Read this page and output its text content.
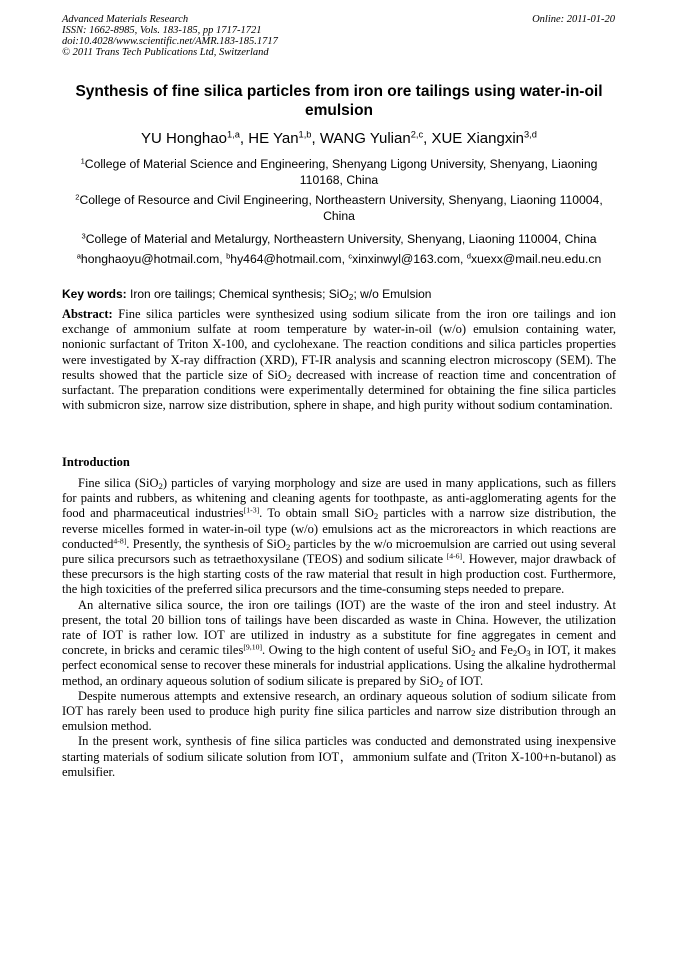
Advanced Materials Research
ISSN: 1662-8985, Vols. 183-185, pp 1717-1721
doi:10.4028/www.scientific.net/AMR.183-185.1717
© 2011 Trans Tech Publications Ltd, Switzerland
Online: 2011-01-20
Synthesis of fine silica particles from iron ore tailings using water-in-oil emulsion
YU Honghao$^{1,a}$, HE Yan$^{1,b}$, WANG Yulian$^{2,c}$, XUE Xiangxin$^{3,d}$
$^1$College of Material Science and Engineering, Shenyang Ligong University, Shenyang, Liaoning 110168, China
$^2$College of Resource and Civil Engineering, Northeastern University, Shenyang, Liaoning 110004, China
$^3$College of Material and Metalurgy, Northeastern University, Shenyang, Liaoning 110004, China
$^a$honghaoyu@hotmail.com, $^b$hy464@hotmail.com, $^c$xinxinwyl@163.com, $^d$xuexx@mail.neu.edu.cn
Key words: Iron ore tailings; Chemical synthesis; SiO$_2$; w/o Emulsion
Abstract: Fine silica particles were synthesized using sodium silicate from the iron ore tailings and ion exchange of ammonium sulfate at room temperature by water-in-oil (w/o) emulsion containing water, nonionic surfactant of Triton X-100, and cyclohexane. The reaction conditions and silica particles properties were investigated by X-ray diffraction (XRD), FT-IR analysis and scanning electron microscopy (SEM). The results showed that the particle size of SiO$_2$ decreased with increase of reaction time and concentration of surfactant. The preparation conditions were experimentally determined for obtaining the fine silica particles with submicron size, narrow size distribution, sphere in shape, and high purity without sodium contamination.
Introduction

Fine silica (SiO$_2$) particles of varying morphology and size are used in many applications, such as fillers for paints and rubbers, as whitening and cleaning agents for toothpaste, as anti-agglomerating agents for the food and pharmaceutical industries[1-3]. To obtain small SiO$_2$ particles with a narrow size distribution, the reverse micelles formed in water-in-oil type (w/o) emulsions act as the microreactors in which reactions are conducted$^{4-8]}$. Presently, the synthesis of SiO$_2$ particles by the w/o microemulsion are carried out using several pure silica precursors such as tetraethoxysilane (TEOS) and sodium silicate [4-6]. However, major drawback of these precursors is the high starting costs of the raw material that result in high production cost. Furthermore, the high toxicities of the preferred silica precursors and the time-consuming steps needed to prepare.

An alternative silica source, the iron ore tailings (IOT) are the waste of the iron and steel industry. At present, the total 20 billion tons of tailings have been discarded as waste in China. However, the utilization rate of IOT is rather low. IOT are utilized in industry as a substitute for fine aggregates in cement and concrete, in bricks and ceramic tiles[9,10]. Owing to the high content of useful SiO$_2$ and $Fe_2O_3$ in IOT, it makes perfect economical sense to recover these minerals for industrial applications. Using the alkaline hydrothermal method, an ordinary aqueous solution of sodium silicate is prepared by SiO$_2$ of IOT.

Despite numerous attempts and extensive research, an ordinary aqueous solution of sodium silicate from IOT has rarely been used to produce high purity fine silica particles and narrow size distribution through an emulsion method.

In the present work, synthesis of fine silica particles was conducted and demonstrated using inexpensive starting materials of sodium silicate solution from IOT，ammonium sulfate and (Triton X-100+n-butanol) as emulsifier.
